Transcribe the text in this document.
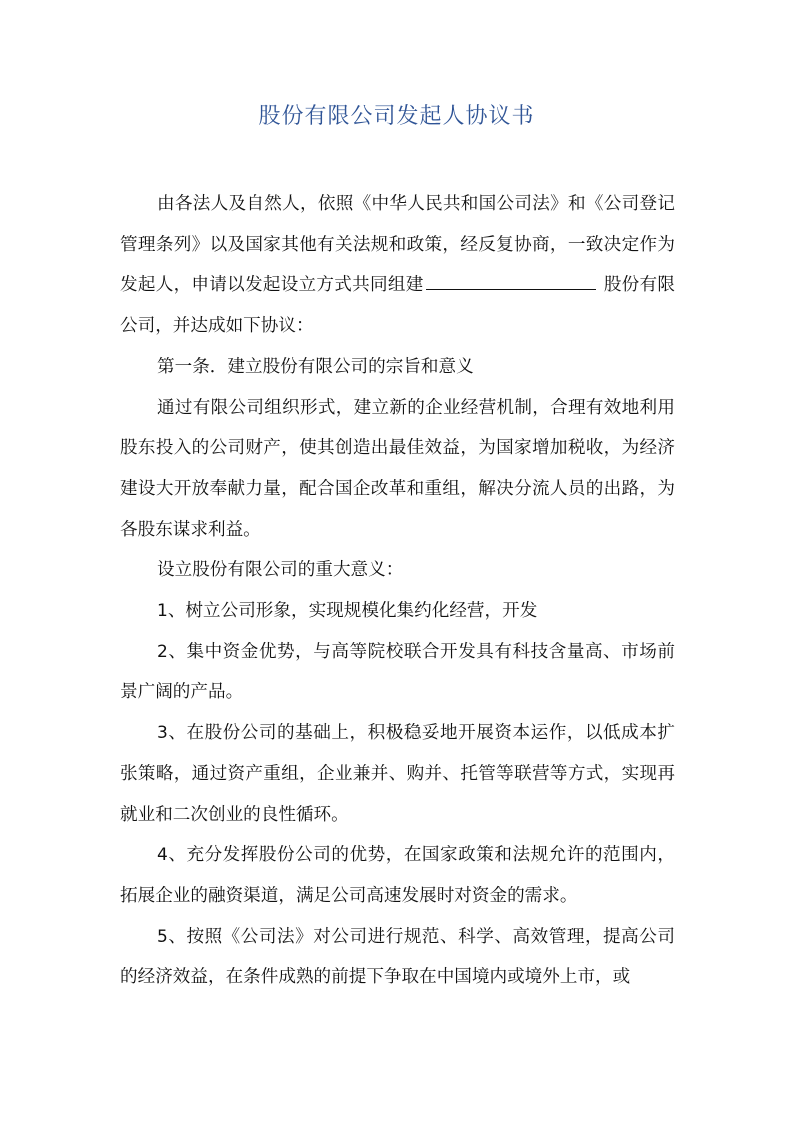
股份有限公司发起人协议书

由各法人及自然人，依照《中华人民共和国公司法》和《公司登记管理条列》以及国家其他有关法规和政策，经反复协商，一致决定作为发起人，申请以发起设立方式共同组建	股份有限公司，并达成如下协议：

第一条．建立股份有限公司的宗旨和意义

通过有限公司组织形式，建立新的企业经营机制，合理有效地利用股东投入的公司财产，使其创造出最佳效益，为国家增加税收，为经济建设大开放奉献力量，配合国企改革和重组，解决分流人员的出路，为各股东谋求利益。

设立股份有限公司的重大意义：

1、树立公司形象，实现规模化集约化经营，开发

2、集中资金优势，与高等院校联合开发具有科技含量高、市场前景广阔的产品。

3、在股份公司的基础上，积极稳妥地开展资本运作，以低成本扩张策略，通过资产重组，企业兼并、购并、托管等联营等方式，实现再就业和二次创业的良性循环。

4、充分发挥股份公司的优势，在国家政策和法规允许的范围内，拓展企业的融资渠道，满足公司高速发展时对资金的需求。

5、按照《公司法》对公司进行规范、科学、高效管理，提高公司的经济效益，在条件成熟的前提下争取在中国境内或境外上市，或
